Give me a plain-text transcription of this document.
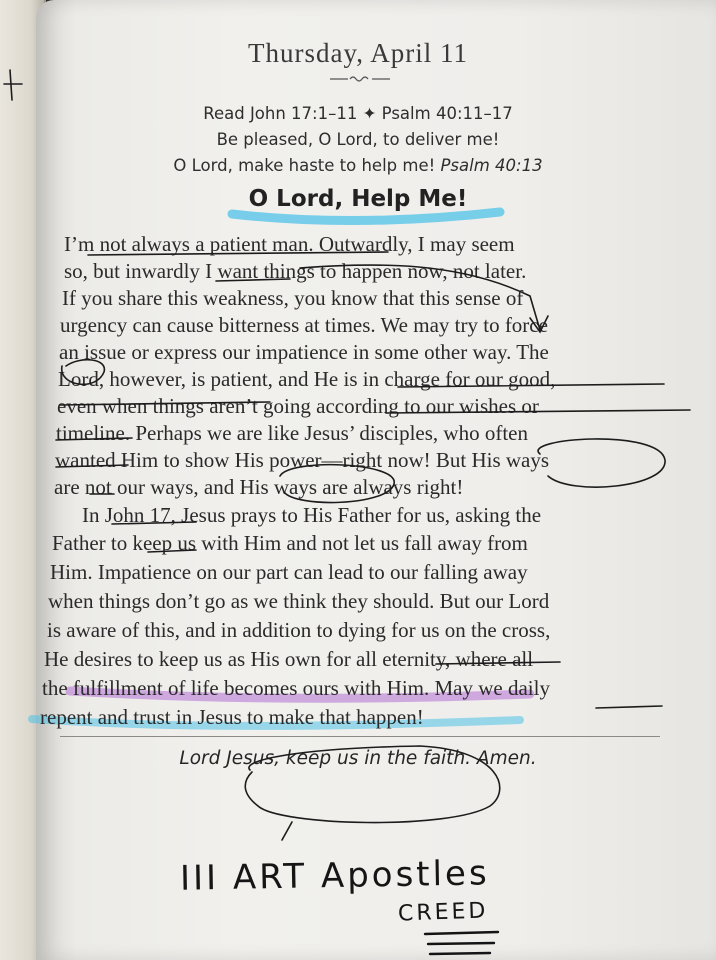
Thursday, April 11
Read John 17:1–11 ✦ Psalm 40:11–17
Be pleased, O Lord, to deliver me!
O Lord, make haste to help me! Psalm 40:13
O Lord, Help Me!
I’m not always a patient man. Outwardly, I may seem
so, but inwardly I want things to happen now, not later.
If you share this weakness, you know that this sense of
urgency can cause bitterness at times. We may try to force
an issue or express our impatience in some other way. The
Lord, however, is patient, and He is in charge for our good,
even when things aren’t going according to our wishes or
timeline. Perhaps we are like Jesus’ disciples, who often
wanted Him to show His power—right now! But His ways
are not our ways, and His ways are always right!
In John 17, Jesus prays to His Father for us, asking the
Father to keep us with Him and not let us fall away from
Him. Impatience on our part can lead to our falling away
when things don’t go as we think they should. But our Lord
is aware of this, and in addition to dying for us on the cross,
He desires to keep us as His own for all eternity, where all
the fulfillment of life becomes ours with Him. May we daily
repent and trust in Jesus to make that happen!
Lord Jesus, keep us in the faith. Amen.
III ART Apostles
CREED
